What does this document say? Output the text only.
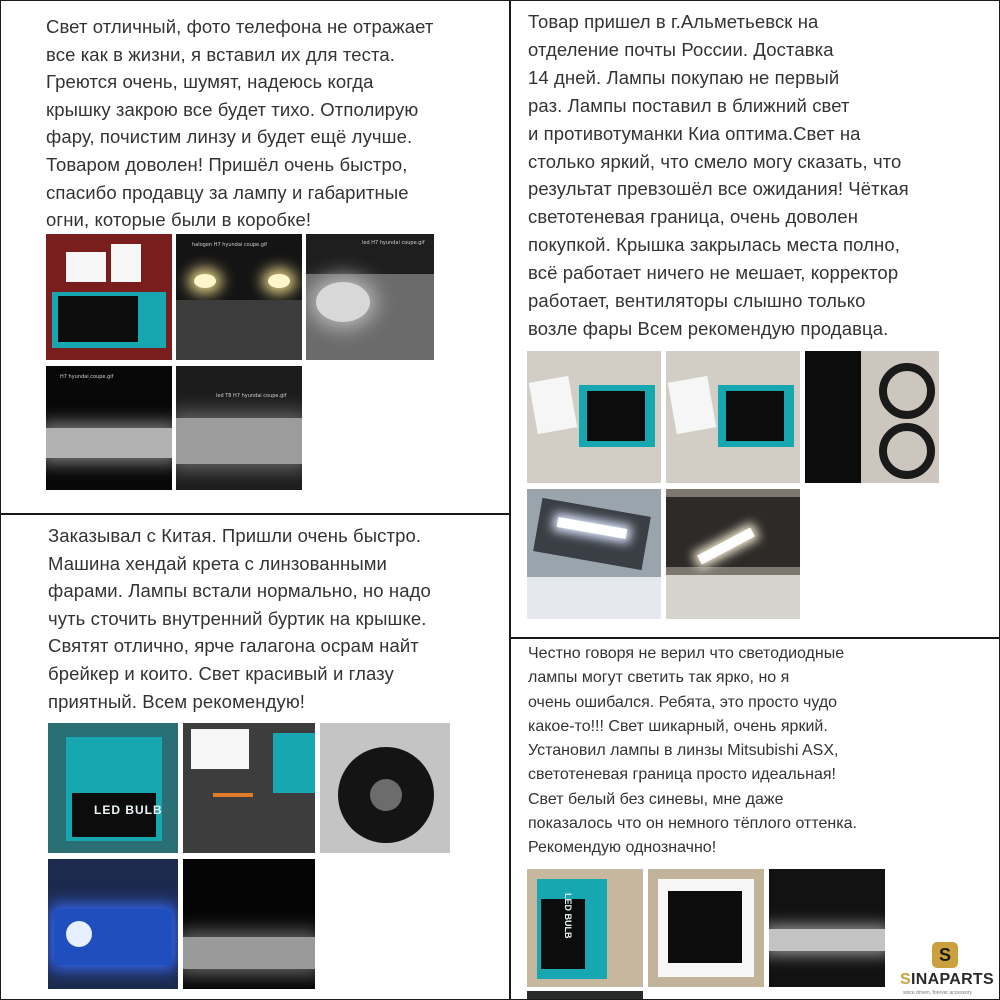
Свет отличный, фото телефона не отражает
все как в жизни, я вставил их для теста.
Греются очень, шумят, надеюсь когда
крышку закрою все будет тихо. Отполирую
фару, почистим линзу и будет ещё лучше.
Товаром доволен! Пришёл очень быстро,
спасибо продавцу за лампу и габаритные
огни, которые были в коробке!
halogen H7 hyundai coupe.gif	led H7 hyundai coupe.gif
H7 hyundai coupe.gif
led T8 H7 hyundai coupe.gif
Товар пришел в г.Альметьевск на
отделение почты России. Доставка
14 дней. Лампы покупаю не первый
раз. Лампы поставил в ближний свет
и противотуманки Киа оптима.Свет на
столько яркий, что смело могу сказать, что
результат превзошёл все ожидания! Чёткая
светотеневая граница, очень доволен
покупкой. Крышка закрылась места полно,
всё работает ничего не мешает, корректор
работает, вентиляторы слышно только
возле фары Всем рекомендую продавца.
Заказывал с Китая. Пришли очень быстро.
Машина хендай крета с линзованными
фарами. Лампы встали нормально, но надо
чуть сточить внутренний буртик на крышке.
Святят отлично, ярче галагона осрам найт
брейкер и които. Свет красивый и глазу
приятный. Всем рекомендую!
LED BULB
Честно говоря не верил что светодиодные
лампы могут светить так ярко, но я
очень ошибался. Ребята, это просто чудо
какое-то!!! Свет шикарный, очень яркий.
Установил лампы в линзы Mitsubishi ASX,
светотеневая граница просто идеальная!
Свет белый без синевы, мне даже
показалось что он немного тёплого оттенка.
Рекомендую однозначно!
LED BULB
S
SINAPARTS
since driven, forever accessory
